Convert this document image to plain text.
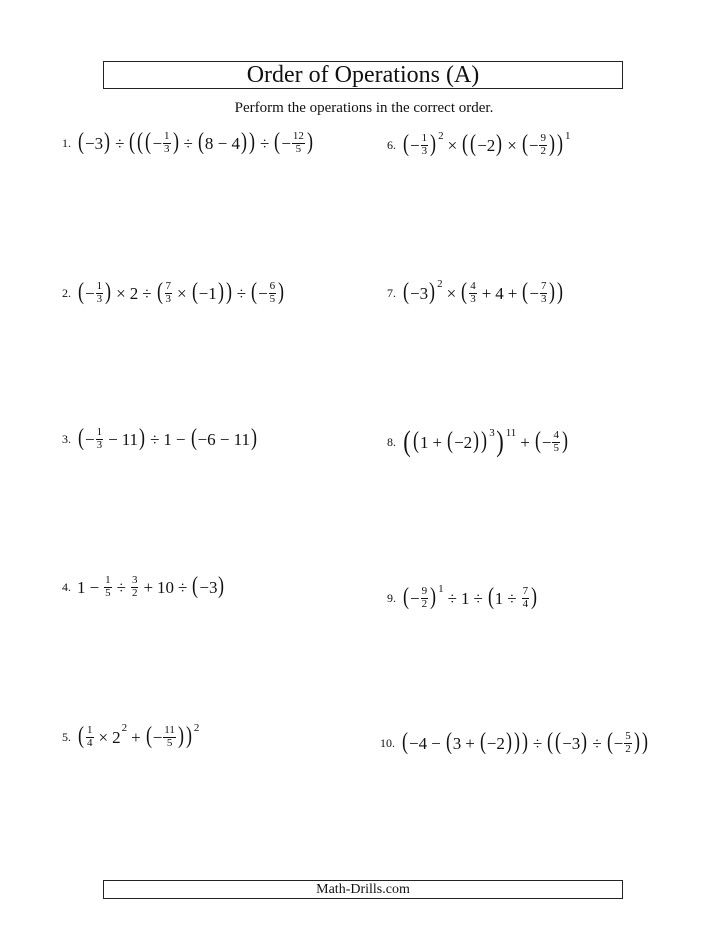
Order of Operations (A)
Perform the operations in the correct order.
1. ( −3 ) ÷ ( ( ( − $\frac{1}{3}$ ) ÷ ( 8 − 4 ) ) ÷ ( − $\frac{12}{5}$ )
2. ( − $\frac{1}{3}$ ) × 2 ÷ ( $\frac{7}{3}$ × ( −1 ) ) ÷ ( − $\frac{6}{5}$ )
3. ( − $\frac{1}{3} - 11$ ) ÷ 1 − ( −6 − 11 )
4. $1 - \frac{1}{5} \div \frac{3}{2} + 10$ ÷ ( −3 )
5. ( $\frac{1}{4} \times 2$ 2 + ( − $\frac{11}{5}$ ) ) 2
6. ( − $\frac{1}{3}$ ) 2 × ( ( −2 ) × ( − $\frac{9}{2}$ ) ) 1
7. ( −3 ) 2 × ( $\frac{4}{3} + 4$ + ( − $\frac{7}{3}$ ) )
8. ( ( 1 + ( −2 ) ) 3 ) 11 + ( − $\frac{4}{5}$ )
9. ( − $\frac{9}{2}$ ) 1 ÷ 1 ÷ ( $1 \div \frac{7}{4}$ )
10. ( −4 − ( 3 + ( −2 ) ) ) ÷ ( ( −3 ) ÷ ( − $\frac{5}{2}$ ) )
Math-Drills.com
